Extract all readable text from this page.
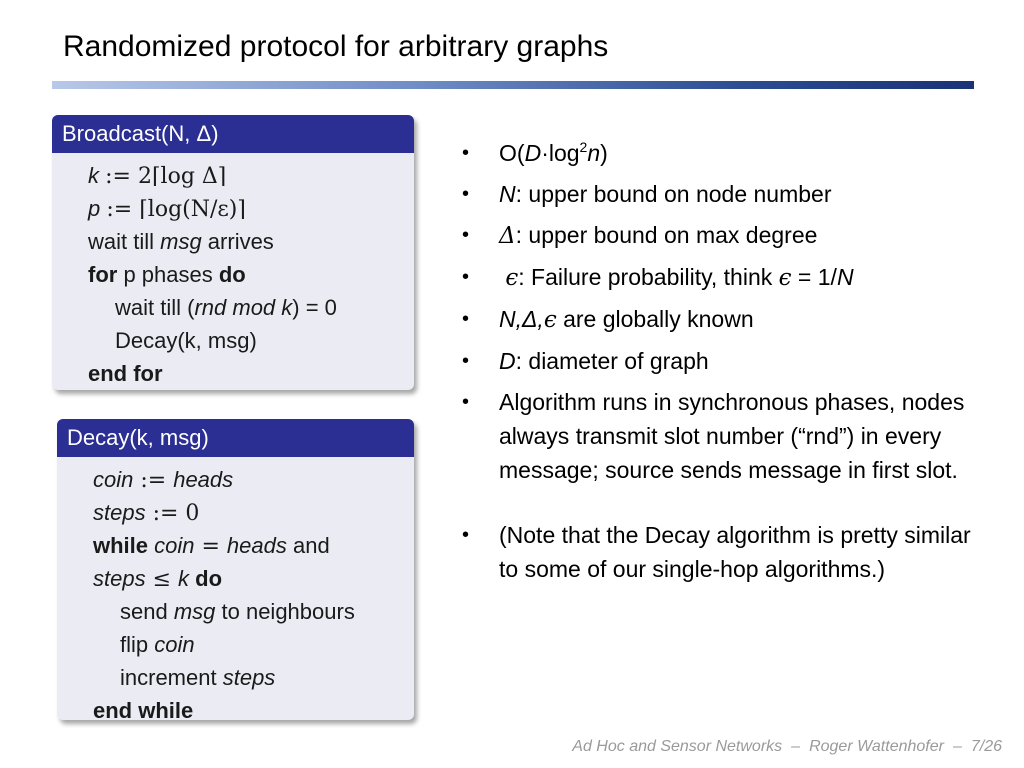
Randomized protocol for arbitrary graphs
Broadcast(N, Δ)
k := 2⌈log Δ⌉
p := ⌈log(N/ε)⌉
wait till msg arrives
for p phases do
wait till (rnd mod k) = 0
Decay(k, msg)
end for
Decay(k, msg)
coin := heads
steps := 0
while coin = heads and
steps ≤ k do
send msg to neighbours
flip coin
increment steps
end while
• $O(D\cdot\log^2n)$
• N: upper bound on node number
• Δ: upper bound on max degree
• ϵ: Failure probability, think ϵ = 1/N
• N,Δ,ϵ are globally known
• D: diameter of graph
• Algorithm runs in synchronous phases, nodes always transmit slot number (“rnd”) in every message; source sends message in first slot.
• (Note that the Decay algorithm is pretty similar to some of our single-hop algorithms.)
Ad Hoc and Sensor Networks – Roger Wattenhofer – 7/26
